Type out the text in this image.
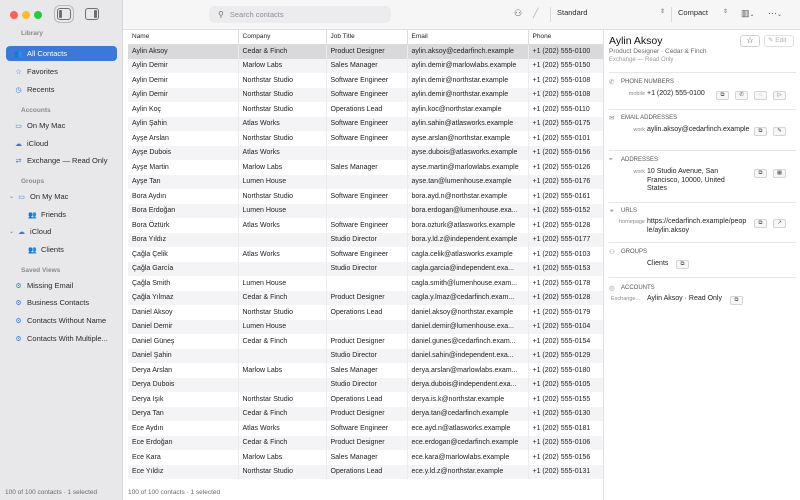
Library
👥 All Contacts
☆ Favorites
◷ Recents
Accounts
▭ On My Mac
☁ iCloud
⇄ Exchange — Read Only
Groups
⌄ ▭ On My Mac
👥 Friends
⌄ ☁ iCloud
👥 Clients
Saved Views
⚙ Missing Email
⚙ Business Contacts
⚙ Contacts Without Name
⚙ Contacts With Multiple...
100 of 100 contacts · 1 selected
⚲ Search contacts	⚇ ╱ Standard	⇕ Compact ⇕ ▥⌄ ⋯⌄
Name	Company	Job Title	Email	Phone
Aylin Aksoy	Cedar & Finch	Product Designer	aylin.aksoy@cedarfinch.example	+1 (202) 555-0100
Aylin Demir	Marlow Labs	Sales Manager	aylin.demir@marlowlabs.example	+1 (202) 555-0150
Aylin Demir	Northstar Studio	Software Engineer	aylin.demir@northstar.example	+1 (202) 555-0108
Aylin Demir	Northstar Studio	Software Engineer	aylin.demir@northstar.example	+1 (202) 555-0108
Aylin Koç	Northstar Studio	Operations Lead	aylin.koc@northstar.example	+1 (202) 555-0110
Aylin Şahin	Atlas Works	Software Engineer	aylin.sahin@atlasworks.example	+1 (202) 555-0175
Ayşe Arslan	Northstar Studio	Software Engineer	ayse.arslan@northstar.example	+1 (202) 555-0101
Ayşe Dubois	Atlas Works		ayse.dubois@atlasworks.example	+1 (202) 555-0156
Ayşe Martin	Marlow Labs	Sales Manager	ayse.martin@marlowlabs.example	+1 (202) 555-0126
Ayşe Tan	Lumen House		ayse.tan@lumenhouse.example	+1 (202) 555-0176
Bora Aydın	Northstar Studio	Software Engineer	bora.ayd.n@northstar.example	+1 (202) 555-0161
Bora Erdoğan	Lumen House		bora.erdogan@lumenhouse.exa...	+1 (202) 555-0152
Bora Öztürk	Atlas Works	Software Engineer	bora.ozturk@atlasworks.example	+1 (202) 555-0128
Bora Yıldız		Studio Director	bora.y.ld.z@independent.example	+1 (202) 555-0177
Çağla Çelik	Atlas Works	Software Engineer	cagla.celik@atlasworks.example	+1 (202) 555-0103
Çağla García		Studio Director	cagla.garcia@independent.exa...	+1 (202) 555-0153
Çağla Smith	Lumen House		cagla.smith@lumenhouse.exam...	+1 (202) 555-0178
Çağla Yılmaz	Cedar & Finch	Product Designer	cagla.y.lmaz@cedarfinch.exam...	+1 (202) 555-0128
Daniel Aksoy	Northstar Studio	Operations Lead	daniel.aksoy@northstar.example	+1 (202) 555-0179
Daniel Demir	Lumen House		daniel.demir@lumenhouse.exa...	+1 (202) 555-0104
Daniel Güneş	Cedar & Finch	Product Designer	daniel.gunes@cedarfinch.exam...	+1 (202) 555-0154
Daniel Şahin		Studio Director	daniel.sahin@independent.exa...	+1 (202) 555-0129
Derya Arslan	Marlow Labs	Sales Manager	derya.arslan@marlowlabs.exam...	+1 (202) 555-0180
Derya Dubois		Studio Director	derya.dubois@independent.exa...	+1 (202) 555-0105
Derya Işık	Northstar Studio	Operations Lead	derya.is.k@northstar.example	+1 (202) 555-0155
Derya Tan	Cedar & Finch	Product Designer	derya.tan@cedarfinch.example	+1 (202) 555-0130
Ece Aydın	Atlas Works	Software Engineer	ece.ayd.n@atlasworks.example	+1 (202) 555-0181
Ece Erdoğan	Cedar & Finch	Product Designer	ece.erdogan@cedarfinch.example	+1 (202) 555-0106
Ece Kara	Marlow Labs	Sales Manager	ece.kara@marlowlabs.example	+1 (202) 555-0156
Ece Yıldız	Northstar Studio	Operations Lead	ece.y.ld.z@northstar.example	+1 (202) 555-0131
100 of 100 contacts · 1 selected
Aylin Aksoy
Product Designer · Cedar & Finch
Exchange — Read Only
☆	✎ Edit
✆	PHONE NUMBERS
mobile +1 (202) 555-0100	⧉	✆	◌	▷
✉	EMAIL ADDRESSES
work aylin.aksoy@cedarfinch.example	⧉	✎
⌖	ADDRESSES
work 10 Studio Avenue, San Francisco, 10000, United States
⧉	▦
⚭	URLS
homepage https://cedarfinch.example/people/aylin.aksoy
⧉	↗
⚇	GROUPS
Clients	⧉
◎	ACCOUNTS
Exchange... Aylin Aksoy · Read Only	⧉
